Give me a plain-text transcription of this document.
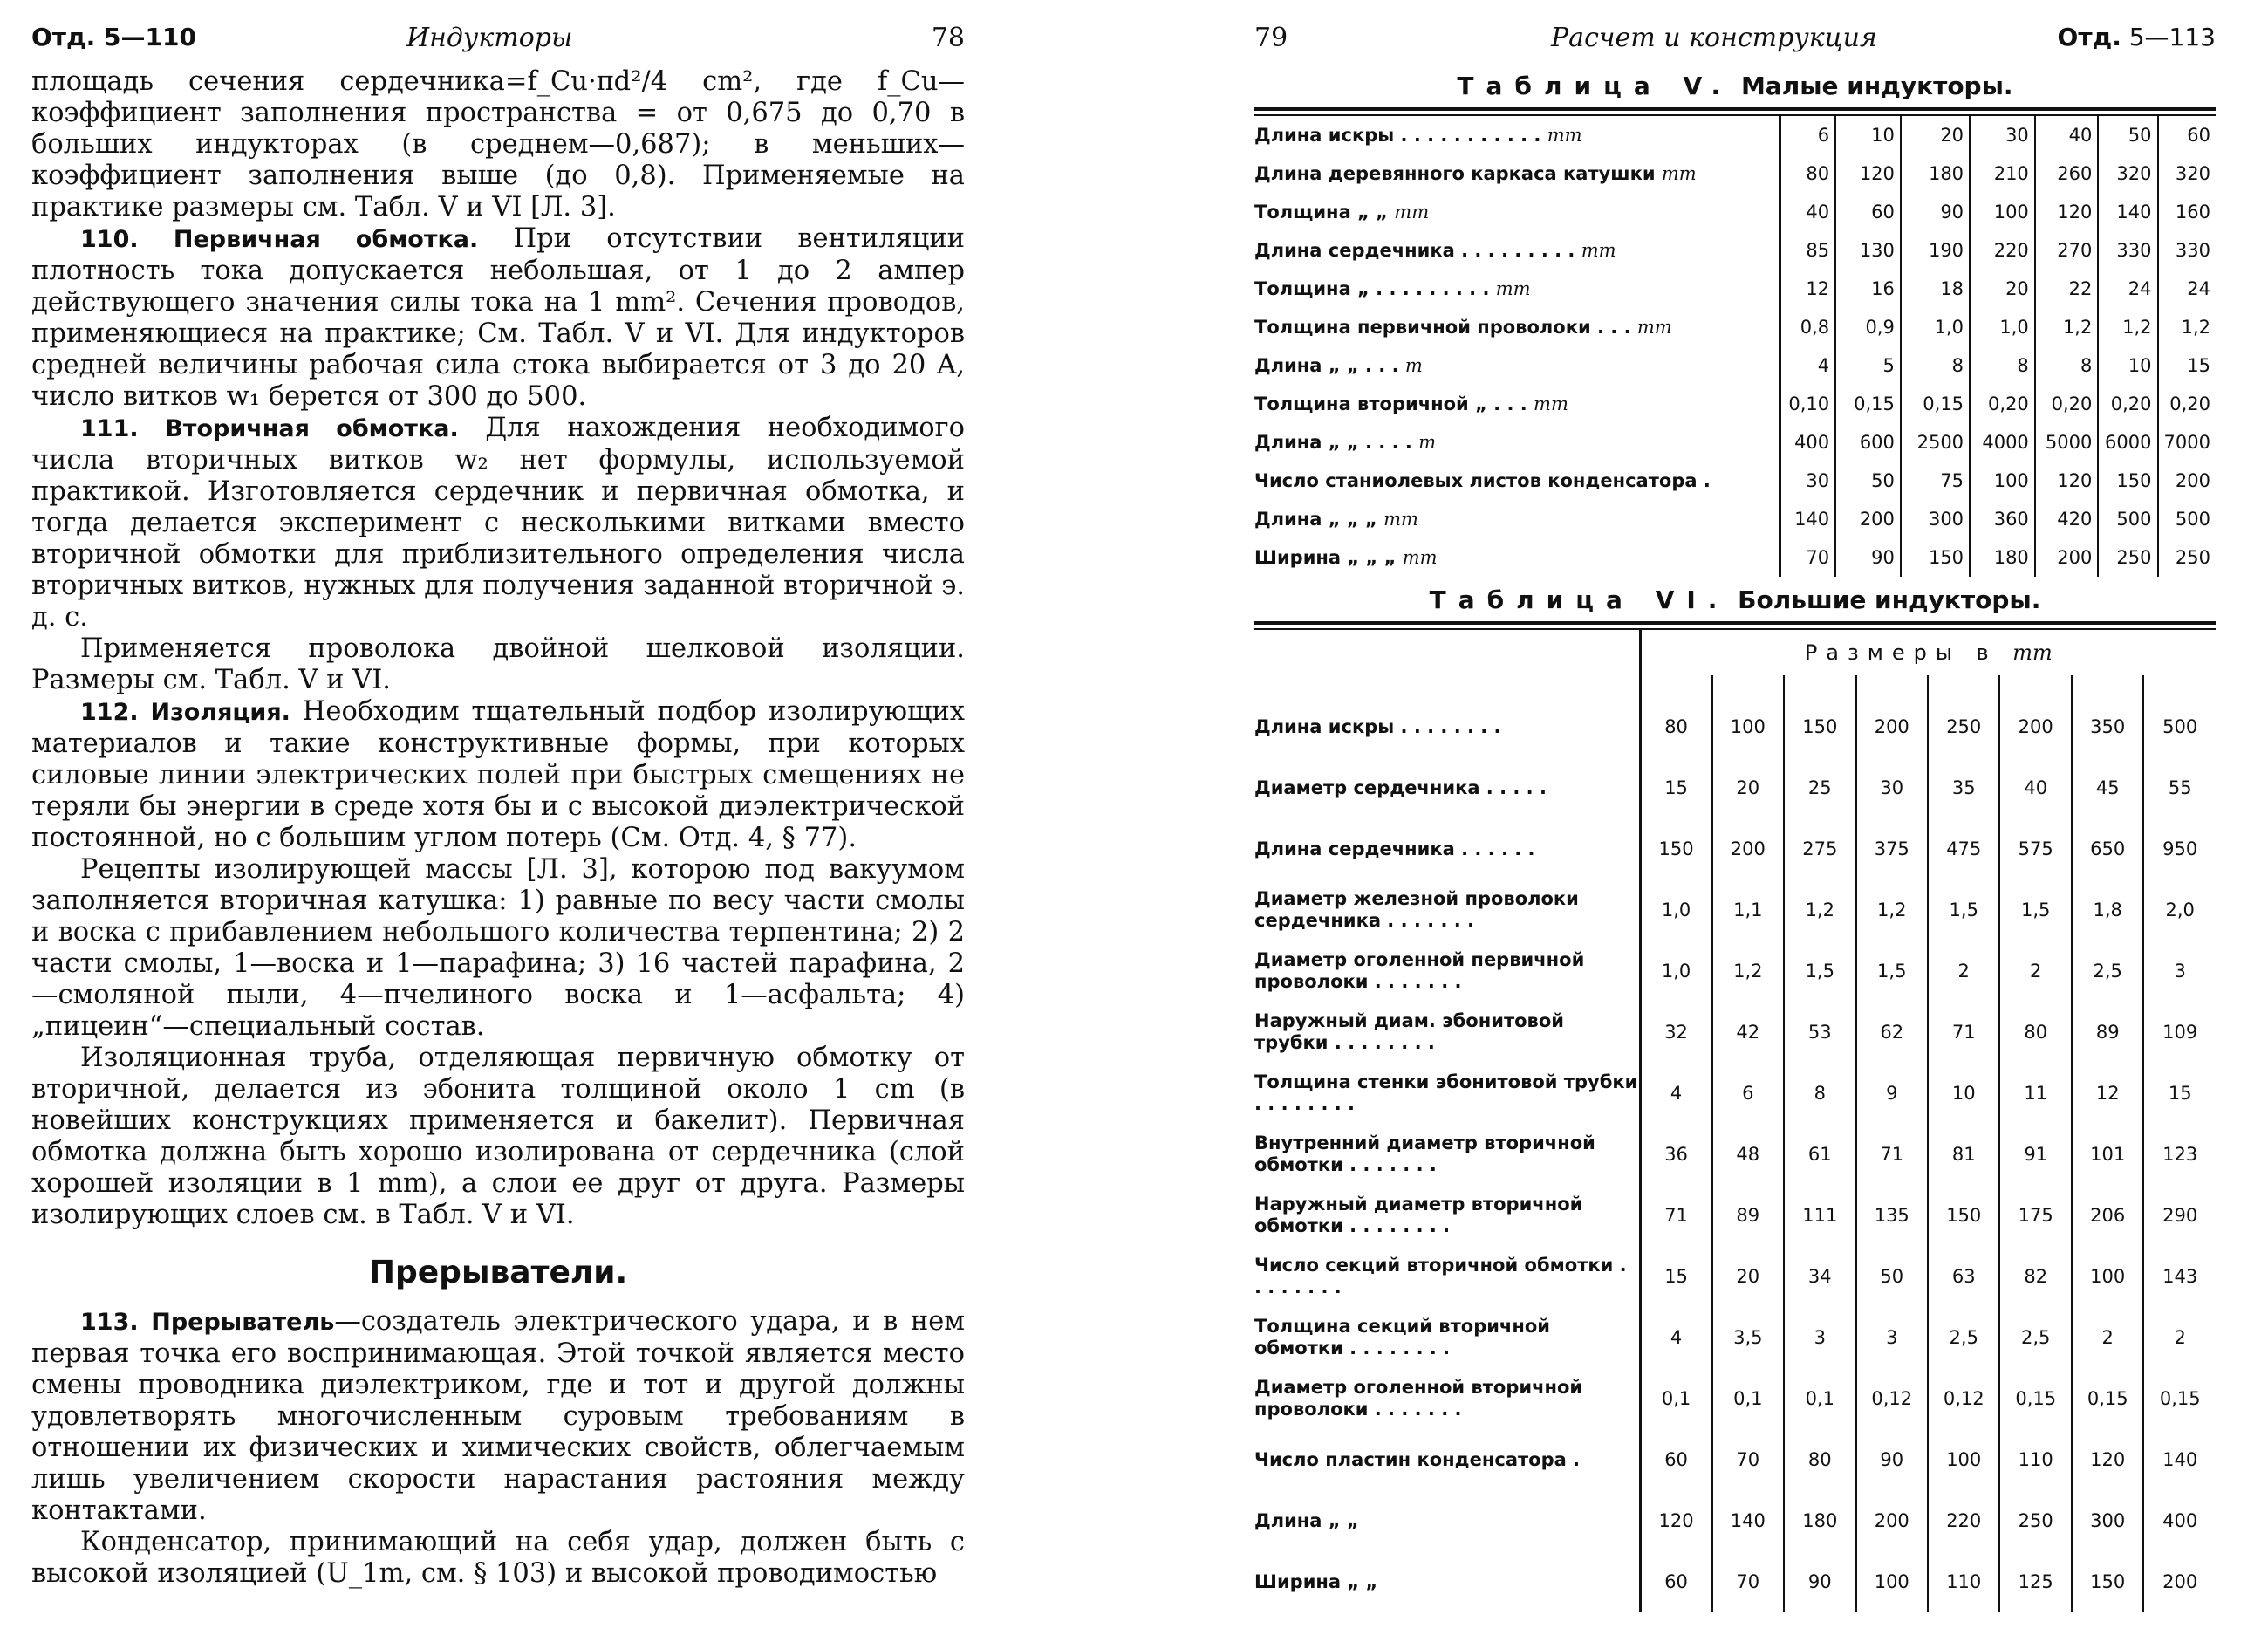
Отд. 5—110	Индукторы	78

площадь сечения сердечника=f_Cu·πd²/4 cm², где f_Cu—коэффициент заполнения пространства = от 0,675 до 0,70 в больших индукторах (в среднем—0,687); в меньших—коэффициент заполнения выше (до 0,8). Применяемые на практике размеры см. Табл. V и VI [Л. 3].

110. Первичная обмотка. При отсутствии вентиляции плотность тока допускается небольшая, от 1 до 2 ампер действующего значения силы тока на 1 mm². Сечения проводов, применяющиеся на практике; См. Табл. V и VI. Для индукторов средней величины рабочая сила стока выбирается от 3 до 20 A, число витков w₁ берется от 300 до 500.

111. Вторичная обмотка. Для нахождения необходимого числа вторичных витков w₂ нет формулы, используемой практикой. Изготовляется сердечник и первичная обмотка, и тогда делается эксперимент с несколькими витками вместо вторичной обмотки для приблизительного определения числа вторичных витков, нужных для получения заданной вторичной э. д. с.

Применяется проволока двойной шелковой изоляции. Размеры см. Табл. V и VI.

112. Изоляция. Необходим тщательный подбор изолирующих материалов и такие конструктивные формы, при которых силовые линии электрических полей при быстрых смещениях не теряли бы энергии в среде хотя бы и с высокой диэлектрической постоянной, но с большим углом потерь (См. Отд. 4, § 77).

Рецепты изолирующей массы [Л. 3], которою под вакуумом заполняется вторичная катушка: 1) равные по весу части смолы и воска с прибавлением небольшого количества терпентина; 2) 2 части смолы, 1—воска и 1—парафина; 3) 16 частей парафина, 2—смоляной пыли, 4—пчелиного воска и 1—асфальта; 4) „пицеин“—специальный состав.

Изоляционная труба, отделяющая первичную обмотку от вторичной, делается из эбонита толщиной около 1 cm (в новейших конструкциях применяется и бакелит). Первичная обмотка должна быть хорошо изолирована от сердечника (слой хорошей изоляции в 1 mm), а слои ее друг от друга. Размеры изолирующих слоев см. в Табл. V и VI.

Прерыватели.

113. Прерыватель—создатель электрического удара, и в нем первая точка его воспринимающая. Этой точкой является место смены проводника диэлектриком, где и тот и другой должны удовлетворять многочисленным суровым требованиям в отношении их физических и химических свойств, облегчаемым лишь увеличением скорости нарастания растояния между контактами.

Конденсатор, принимающий на себя удар, должен быть с высокой изоляцией (U_1m, см. § 103) и высокой проводимостью

79	Расчет и конструкция	Отд. 5—113
Таблица V. Малые индукторы.
Длина искры . . . . . . . . . . . mm	6	10	20	30	40	50	60
Длина деревянного каркаса катушки mm	80	120	180	210	260	320	320
Толщина „ „ mm	40	60	90	100	120	140	160
Длина сердечника . . . . . . . . . mm	85	130	190	220	270	330	330
Толщина „ . . . . . . . . . mm	12	16	18	20	22	24	24
Толщина первичной проволоки . . . mm	0,8	0,9	1,0	1,0	1,2	1,2	1,2
Длина „ „ . . . m	4	5	8	8	8	10	15
Толщина вторичной „ . . . mm	0,10	0,15	0,15	0,20	0,20	0,20	0,20
Длина „ „ . . . . m	400	600	2500	4000	5000	6000	7000
Число станиолевых листов конденсатора .	30	50	75	100	120	150	200
Длина „ „ „ mm	140	200	300	360	420	500	500
Ширина „ „ „ mm	70	90	150	180	200	250	250
Таблица VI. Большие индукторы.
	Размеры в mm							

Длина искры . . . . . . . .	80	100	150	200	250	200	350	500
Диаметр сердечника . . . . .	15	20	25	30	35	40	45	55
Длина сердечника . . . . . .	150	200	275	375	475	575	650	950
Диаметр железной проволоки сердечника . . . . . . .	1,0	1,1	1,2	1,2	1,5	1,5	1,8	2,0
Диаметр оголенной первичной проволоки . . . . . . .	1,0	1,2	1,5	1,5	2	2	2,5	3
Наружный диам. эбонитовой трубки . . . . . . . .	32	42	53	62	71	80	89	109
Толщина стенки эбонитовой трубки . . . . . . . .	4	6	8	9	10	11	12	15
Внутренний диаметр вторичной обмотки . . . . . . .	36	48	61	71	81	91	101	123
Наружный диаметр вторичной обмотки . . . . . . . .	71	89	111	135	150	175	206	290
Число секций вторичной обмотки . . . . . . . .	15	20	34	50	63	82	100	143
Толщина секций вторичной обмотки . . . . . . . .	4	3,5	3	3	2,5	2,5	2	2
Диаметр оголенной вторичной проволоки . . . . . . .	0,1	0,1	0,1	0,12	0,12	0,15	0,15	0,15
Число пластин конденсатора .	60	70	80	90	100	110	120	140
Длина „ „	120	140	180	200	220	250	300	400
Ширина „ „	60	70	90	100	110	125	150	200
